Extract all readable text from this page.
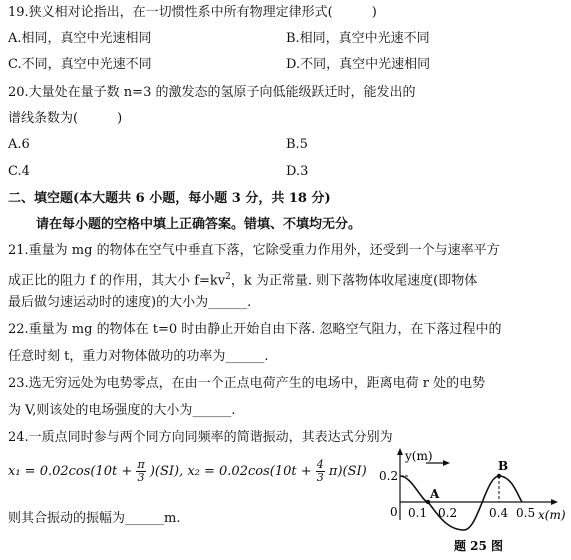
19.狭义相对论指出，在一切惯性系中所有物理定律形式(　　　)
A.相同，真空中光速相同	B.相同，真空中光速不同
C.不同，真空中光速不同	D.不同，真空中光速相同
20.大量处在量子数 n=3 的激发态的氢原子向低能级跃迁时，能发出的
谱线条数为(　　　)
A.6	B.5
C.4	D.3
二、填空题(本大题共 6 小题，每小题 3 分，共 18 分)
请在每小题的空格中填上正确答案。错填、不填均无分。
21.重量为 mg 的物体在空气中垂直下落，它除受重力作用外，还受到一个与速率平方
成正比的阻力 f 的作用，其大小 $f=kv^2$，k 为正常量. 则下落物体收尾速度(即物体
最后做匀速运动时的速度)的大小为______.
22.重量为 mg 的物体在 t=0 时由静止开始自由下落. 忽略空气阻力，在下落过程中的
任意时刻 t，重力对物体做功的功率为______.
23.选无穷远处为电势零点，在由一个正点电荷产生的电场中，距离电荷 r 处的电势
为 V,则该处的电场强度的大小为______.
24.一质点同时参与两个同方向同频率的简谐振动，其表达式分别为
$x_1 = 0.02\cos(10t + \frac{\pi}{3} )(SI)$, $x_2 = 0.02\cos(10t + \frac{4}{3} \pi)(SI)$
则其合振动的振幅为______m.
y(m)
0.2
0
A
B
0.1 0.2	0.4 0.5 x(m)
题 25 图
